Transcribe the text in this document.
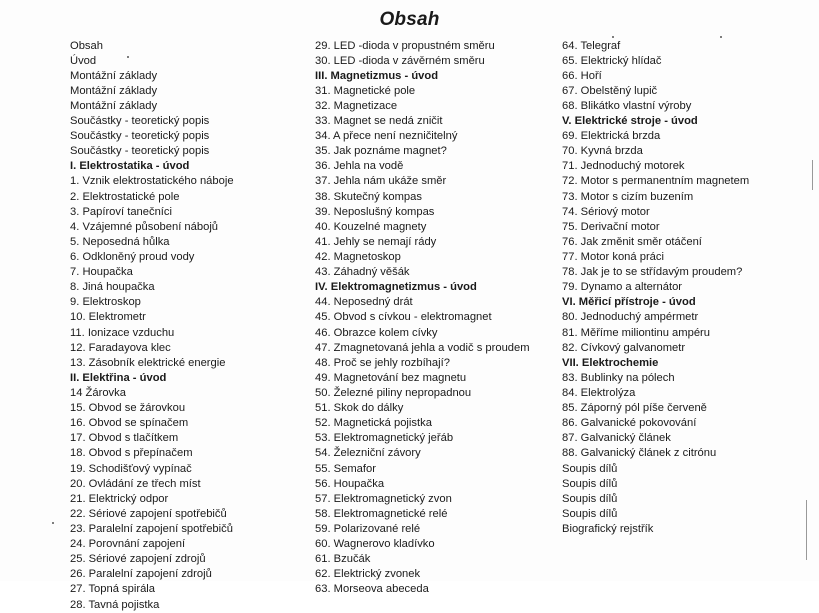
Obsah
Obsah
Úvod
Montážní základy
Montážní základy
Montážní základy
Součástky - teoretický popis
Součástky - teoretický popis
Součástky - teoretický popis
I. Elektrostatika - úvod
1. Vznik elektrostatického náboje
2. Elektrostatické pole
3. Papíroví tanečníci
4. Vzájemné působení nábojů
5. Neposedná hůlka
6. Odkloněný proud vody
7. Houpačka
8. Jiná houpačka
9. Elektroskop
10. Elektrometr
11. Ionizace vzduchu
12. Faradayova klec
13. Zásobník elektrické energie
II. Elektřina - úvod
14 Žárovka
15. Obvod se žárovkou
16. Obvod se spínačem
17. Obvod s tlačítkem
18. Obvod s přepínačem
19. Schodišťový vypínač
20. Ovládání ze třech míst
21. Elektrický odpor
22. Sériové zapojení spotřebičů
23. Paralelní zapojení spotřebičů
24. Porovnání zapojení
25. Sériové zapojení zdrojů
26. Paralelní zapojení zdrojů
27. Topná spirála
28. Tavná pojistka
29. LED -dioda v propustném směru
30. LED -dioda v závěrném směru
III. Magnetizmus - úvod
31. Magnetické pole
32. Magnetizace
33. Magnet se nedá zničit
34. A přece není nezničitelný
35. Jak poznáme magnet?
36. Jehla na vodě
37. Jehla nám ukáže směr
38. Skutečný kompas
39. Neposlušný kompas
40. Kouzelné magnety
41. Jehly se nemají rády
42. Magnetoskop
43. Záhadný věšák
IV. Elektromagnetizmus - úvod
44. Neposedný drát
45. Obvod s cívkou - elektromagnet
46. Obrazce kolem cívky
47. Zmagnetovaná jehla a vodič s proudem
48. Proč se jehly rozbíhají?
49. Magnetování bez magnetu
50. Železné piliny nepropadnou
51. Skok do dálky
52. Magnetická pojistka
53. Elektromagnetický jeřáb
54. Železniční závory
55. Semafor
56. Houpačka
57. Elektromagnetický zvon
58. Elektromagnetické relé
59. Polarizované relé
60. Wagnerovo kladívko
61. Bzučák
62. Elektrický zvonek
63. Morseova abeceda
64. Telegraf
65. Elektrický hlídač
66. Hoří
67. Obelstěný lupič
68. Blikátko vlastní výroby
V. Elektrické stroje - úvod
69. Elektrická brzda
70. Kyvná brzda
71. Jednoduchý motorek
72. Motor s permanentním magnetem
73. Motor s cizím buzením
74. Sériový motor
75. Derivační motor
76. Jak změnit směr otáčení
77. Motor koná práci
78. Jak je to se střídavým proudem?
79. Dynamo a alternátor
VI. Měřicí přístroje - úvod
80. Jednoduchý ampérmetr
81. Měříme miliontinu ampéru
82. Cívkový galvanometr
VII. Elektrochemie
83. Bublinky na pólech
84. Elektrolýza
85. Záporný pól píše červeně
86. Galvanické pokovování
87. Galvanický článek
88. Galvanický článek z citrónu
Soupis dílů
Soupis dílů
Soupis dílů
Soupis dílů
Biografický rejstřík
